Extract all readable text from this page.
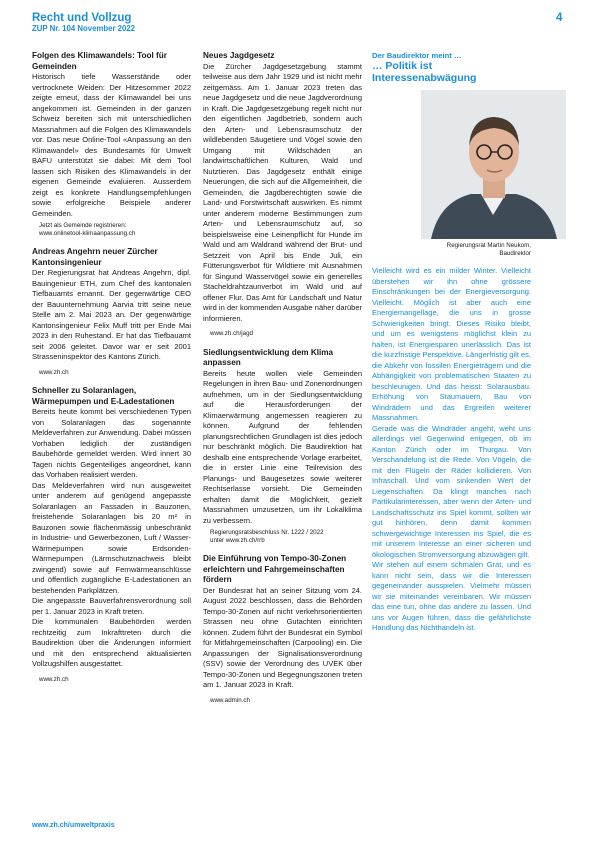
Recht und Vollzug
ZUP Nr. 104 November 2022
4
Folgen des Klimawandels: Tool für Gemeinden

Historisch tiefe Wasserstände oder vertrocknete Weiden: Der Hitzesommer 2022 zeigte erneut, dass der Klimawandel bei uns angekommen ist. Gemeinden in der ganzen Schweiz bereiten sich mit unterschiedlichen Massnahmen auf die Folgen des Klimawandels vor. Das neue Online-Tool «Anpassung an den Klimawandel» des Bundesamts für Umwelt BAFU unterstützt sie dabei: Mit dem Tool lassen sich Risiken des Klimawandels in der eigenen Gemeinde evaluieren. Ausserdem zeigt es konkrete Handlungsempfehlungen sowie erfolgreiche Beispiele anderer Gemeinden.

Jetzt als Gemeinde registrieren:
www.onlinetool-klimaanpassung.ch
Andreas Angehrn neuer Zürcher Kantonsingenieur

Der Regierungsrat hat Andreas Angehrn, dipl. Bauingenieur ETH, zum Chef des kantonalen Tiefbauamts ernannt. Der gegenwärtige CEO der Bauunternehmung Aarvia tritt seine neue Stelle am 2. Mai 2023 an. Der gegenwärtige Kantonsingenieur Felix Muff tritt per Ende Mai 2023 in den Ruhestand. Er hat das Tiefbauamt seit 2006 geleitet. Davor war er seit 2001 Strasseninspektor des Kantons Zürich.

www.zh.ch
Schneller zu Solaranlagen, Wärmepumpen und E-Ladestationen

Bereits heute kommt bei verschiedenen Typen von Solaranlagen das sogenannte Meldeverfahren zur Anwendung. Dabei müssen Vorhaben lediglich der zuständigen Baubehörde gemeldet werden. Wird innert 30 Tagen nichts Gegenteiliges angeordnet, kann das Vorhaben realisiert werden.

Das Meldeverfahren wird nun ausgeweitet unter anderem auf genügend angepasste Solaranlagen an Fassaden in Bauzonen, freistehende Solaranlagen bis 20 m² in Bauzonen sowie flächenmässig unbeschränkt in Industrie- und Gewerbezonen, Luft / Wasser-Wärmepumpen sowie Erdsonden-Wärmepumpen (Lärmschutznachweis bleibt zwingend) sowie auf Fernwärmeanschlüsse und öffentlich zugängliche E-Ladestationen an bestehenden Parkplätzen.

Die angepasste Bauverfahrensverordnung soll per 1. Januar 2023 in Kraft treten.

Die kommunalen Baubehörden werden rechtzeitig zum Inkrafttreten durch die Baudirektion über die Änderungen informiert und mit den entsprechend aktualisierten Vollzugshilfen ausgestattet.

www.zh.ch
Neues Jagdgesetz

Die Zürcher Jagdgesetzgebung stammt teilweise aus dem Jahr 1929 und ist nicht mehr zeitgemäss. Am 1. Januar 2023 treten das neue Jagdgesetz und die neue Jagdverordnung in Kraft. Die Jagdgesetzgebung regelt nicht nur den eigentlichen Jagdbetrieb, sondern auch den Arten- und Lebensraumschutz der wildlebenden Säugetiere und Vögel sowie den Umgang mit Wildschäden an landwirtschaftlichen Kulturen, Wald und Nutztieren. Das Jagdgesetz enthält einige Neuerungen, die sich auf die Allgemeinheit, die Gemeinden, die Jagdberechtigten sowie die Land- und Forstwirtschaft auswirken. Es nimmt unter anderem moderne Bestimmungen zum Arten- und Lebensraumschutz auf, so beispielsweise eine Leinenpflicht für Hunde im Wald und am Waldrand während der Brut- und Setzzeit von April bis Ende Juli, ein Fütterungsverbot für Wildtiere mit Ausnahmen für Singund Wasservögel sowie ein generelles Stacheldrahtzaunverbot im Wald und auf offener Flur. Das Amt für Landschaft und Natur wird in der kommenden Ausgabe näher darüber informieren.

www.zh.ch/jagd
Siedlungsentwicklung dem Klima anpassen

Bereits heute wollen viele Gemeinden Regelungen in ihren Bau- und Zonenordnungen aufnehmen, um in der Siedlungsentwicklung auf die Herausforderungen der Klimaerwärmung angemessen reagieren zu können. Aufgrund der fehlenden planungsrechtlichen Grundlagen ist dies jedoch nur beschränkt möglich. Die Baudirektion hat deshalb eine entsprechende Vorlage erarbeitet, die in erster Linie eine Teilrevision des Planungs- und Baugesetzes sowie weiterer Rechtserlasse vorsieht. Die Gemeinden erhalten damit die Möglichkeit, gezielt Massnahmen umzusetzen, um ihr Lokalklima zu verbessern.

Regierungsratsbeschluss Nr. 1222 / 2022
unter www.zh.ch/rrb
Die Einführung von Tempo-30-Zonen erleichtern und Fahrgemeinschaften fördern

Der Bundesrat hat an seiner Sitzung vom 24. August 2022 beschlossen, dass die Behörden Tempo-30-Zonen auf nicht verkehrsorientierten Strassen neu ohne Gutachten einrichten können. Zudem führt der Bundesrat ein Symbol für Mitfahrgemeinschaften (Carpooling) ein. Die Anpassungen der Signalisationsverordnung (SSV) sowie der Verordnung des UVEK über Tempo-30-Zonen und Begegnungszonen treten am 1. Januar 2023 in Kraft.

www.admin.ch
Der Baudirektor meint …
… Politik ist Interessenabwägung
Regierungsrat Martin Neukom,
Baudirektor

Vielleicht wird es ein milder Winter. Vielleicht überstehen wir ihn ohne grössere Einschränkungen bei der Energieversorgung. Vielleicht. Möglich ist aber auch eine Energiemangellage, die uns in grosse Schwierigkeiten bringt. Dieses Risiko bleibt, und um es wenigstens möglichst klein zu halten, ist Energiesparen unerlässlich. Das ist die kurzfristige Perspektive. Längerfristig gilt es, die Abkehr von fossilen Energieträgern und die Abhängigkeit von problematischen Staaten zu beschleunigen. Und das heisst: Solarausbau. Erhöhung von Staumauern, Bau von Windrädern und das Ergreifen weiterer Massnahmen.

Gerade was die Windräder angeht, weht uns allerdings viel Gegenwind entgegen, ob im Kanton Zürich oder im Thurgau. Von Verschandelung ist die Rede. Von Vögeln, die mit den Flügeln der Räder kollidieren. Von Infraschall. Und vom sinkenden Wert der Liegenschaften. Da klingt manches nach Partikularinteressen, aber wenn der Arten- und Landschaftsschutz ins Spiel kommt, sollten wir gut hinhören, denn damit kommen schwergewichtige Interessen ins Spiel, die es mit unserem Interesse an einer sicheren und ökologischen Stromversorgung abzuwägen gilt.

Wir stehen auf einem schmalen Grat, und es kann nicht sein, dass wir die Interessen gegeneinander ausspielen. Vielmehr müssen wir sie miteinander vereinbaren. Wir müssen das eine tun, ohne das andere zu lassen. Und uns vor Augen führen, dass die gefährlichste Handlung das Nichthandeln ist.

www.zh.ch/umweltpraxis
